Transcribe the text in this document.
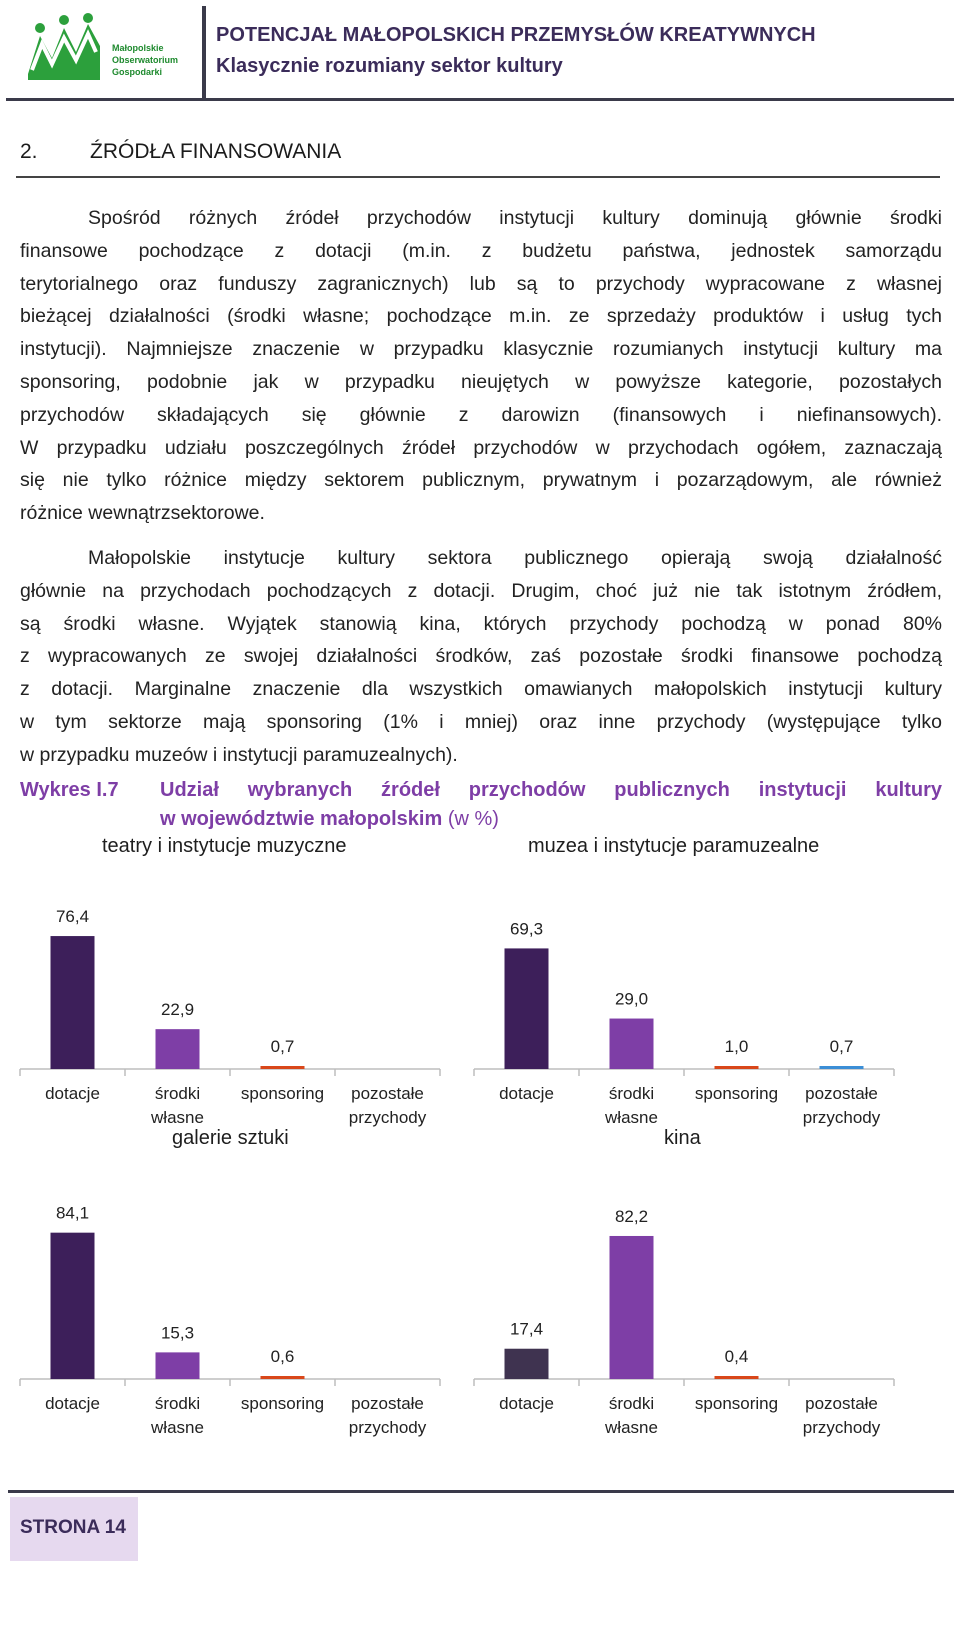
Małopolskie
Obserwatorium
Gospodarki
POTENCJAŁ MAŁOPOLSKICH PRZEMYSŁÓW KREATYWNYCH
Klasycznie rozumiany sektor kultury
2. ŹRÓDŁA FINANSOWANIA
Spośród różnych źródeł przychodów instytucji kultury dominują głównie środki
finansowe pochodzące z dotacji (m.in. z budżetu państwa, jednostek samorządu
terytorialnego oraz funduszy zagranicznych) lub są to przychody wypracowane z własnej
bieżącej działalności (środki własne; pochodzące m.in. ze sprzedaży produktów i usług tych
instytucji). Najmniejsze znaczenie w przypadku klasycznie rozumianych instytucji kultury ma
sponsoring, podobnie jak w przypadku nieujętych w powyższe kategorie, pozostałych
przychodów składających się głównie z darowizn (finansowych i niefinansowych).
W przypadku udziału poszczególnych źródeł przychodów w przychodach ogółem, zaznaczają
się nie tylko różnice między sektorem publicznym, prywatnym i pozarządowym, ale również
różnice wewnątrzsektorowe.
Małopolskie instytucje kultury sektora publicznego opierają swoją działalność
głównie na przychodach pochodzących z dotacji. Drugim, choć już nie tak istotnym źródłem,
są środki własne. Wyjątek stanowią kina, których przychody pochodzą w ponad 80%
z wypracowanych ze swojej działalności środków, zaś pozostałe środki finansowe pochodzą
z dotacji. Marginalne znaczenie dla wszystkich omawianych małopolskich instytucji kultury
w tym sektorze mają sponsoring (1% i mniej) oraz inne przychody (występujące tylko
w przypadku muzeów i instytucji paramuzealnych).
Wykres I.7 Udział wybranych źródeł przychodów publicznych instytucji kultury
w województwie małopolskim (w %)
teatry i instytucje muzyczne
76,4
dotacje
22,9
środki
własne
0,7
sponsoring pozostałe
przychody
muzea i instytucje paramuzealne
69,3
dotacje
29,0
środki
własne
1,0
sponsoring
0,7
pozostałe
przychody
galerie sztuki
84,1
dotacje
15,3
środki
własne
0,6
sponsoring pozostałe
przychody
kina
17,4
dotacje
82,2
środki
własne
0,4
sponsoring pozostałe
przychody
STRONA 14
